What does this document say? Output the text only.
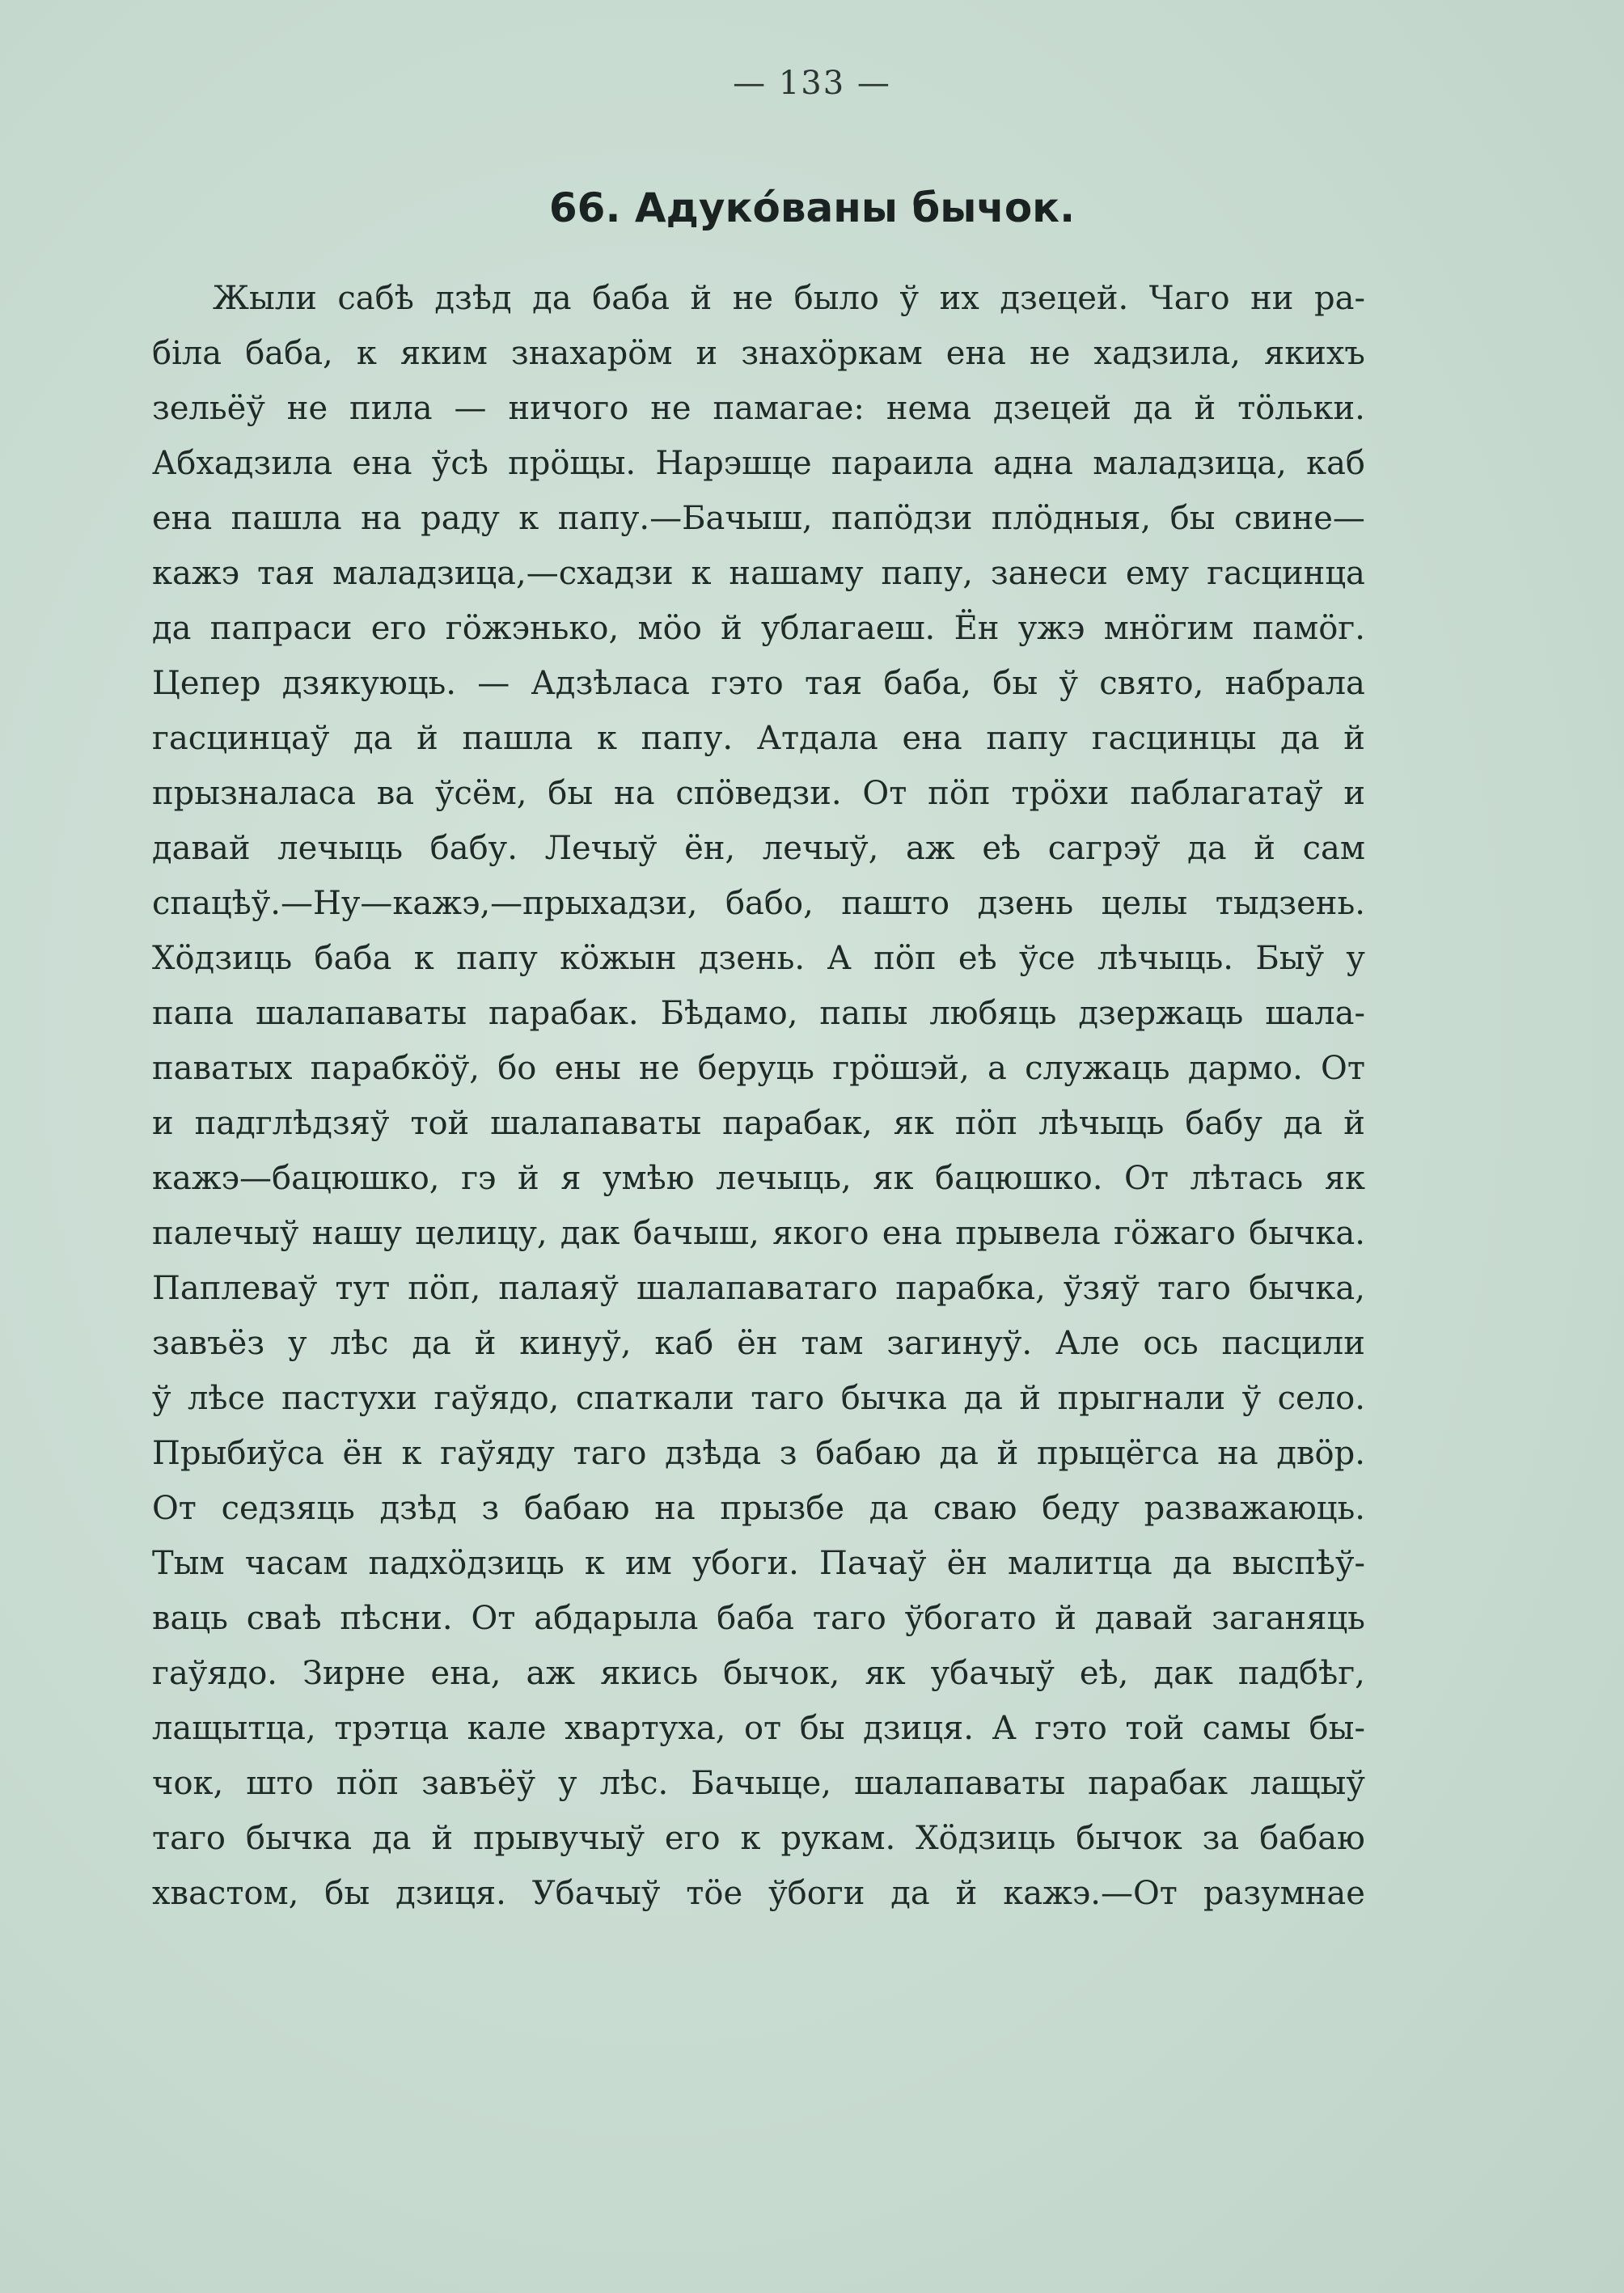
— 133 —
66. Адукóваны бычок.
Жыли сабѣ дзѣд да баба й не было ў их дзецей. Чаго ни ра-
біла баба, к яким знахарöм и знахöркам ена не хадзила, якихъ
зельёў не пила — ничого не памагае: нема дзецей да й тöльки.
Абхадзила ена ўсѣ прöщы. Нарэшце параила адна маладзица, каб
ена пашла на раду к папу.—Бачыш, папöдзи плöдныя, бы свине—
кажэ тая маладзица,—схадзи к нашаму папу, занеси ему гасцинца
да папраси его гöжэнько, мöо й ублагаеш. Ён ужэ мнöгим памöг.
Цепер дзякуюць. — Адзѣласа гэто тая баба, бы ў свято, набрала
гасцинцаў да й пашла к папу. Атдала ена папу гасцинцы да й
прызналаса ва ўсём, бы на спöведзи. От пöп трöхи паблагатаў и
давай лечыць бабу. Лечыў ён, лечыў, аж еѣ сагрэў да й сам
спацѣў.—Ну—кажэ,—прыхадзи, бабо, пашто дзень целы тыдзень.
Хöдзиць баба к папу кöжын дзень. А пöп еѣ ўсе лѣчыць. Быў у
папа шалапаваты парабак. Бѣдамо, папы любяць дзержаць шала-
паватых парабкöў, бо ены не беруць грöшэй, а служаць дармо. От
и падглѣдзяў той шалапаваты парабак, як пöп лѣчыць бабу да й
кажэ—бацюшко, гэ й я умѣю лечыць, як бацюшко. От лѣтась як
палечыў нашу целицу, дак бачыш, якого ена прывела гöжаго бычка.
Паплеваў тут пöп, палаяў шалапаватаго парабка, ўзяў таго бычка,
завъёз у лѣс да й кинуў, каб ён там загинуў. Але ось пасцили
ў лѣсе пастухи гаўядо, спаткали таго бычка да й прыгнали ў село.
Прыбиўса ён к гаўяду таго дзѣда з бабаю да й прыцёгса на двöр.
От седзяць дзѣд з бабаю на прызбе да сваю беду разважаюць.
Тым часам падхöдзиць к им убоги. Пачаў ён малитца да выспѣў-
ваць сваѣ пѣсни. От абдарыла баба таго ўбогато й давай заганяць
гаўядо. Зирне ена, аж якись бычок, як убачыў еѣ, дак падбѣг,
лащытца, трэтца кале хвартуха, от бы дзиця. А гэто той самы бы-
чок, што пöп завъёў у лѣс. Бачыце, шалапаваты парабак лащыў
таго бычка да й прывучыў его к рукам. Хöдзиць бычок за бабаю
хвастом, бы дзиця. Убачыў тöе ўбоги да й кажэ.—От разумнае
